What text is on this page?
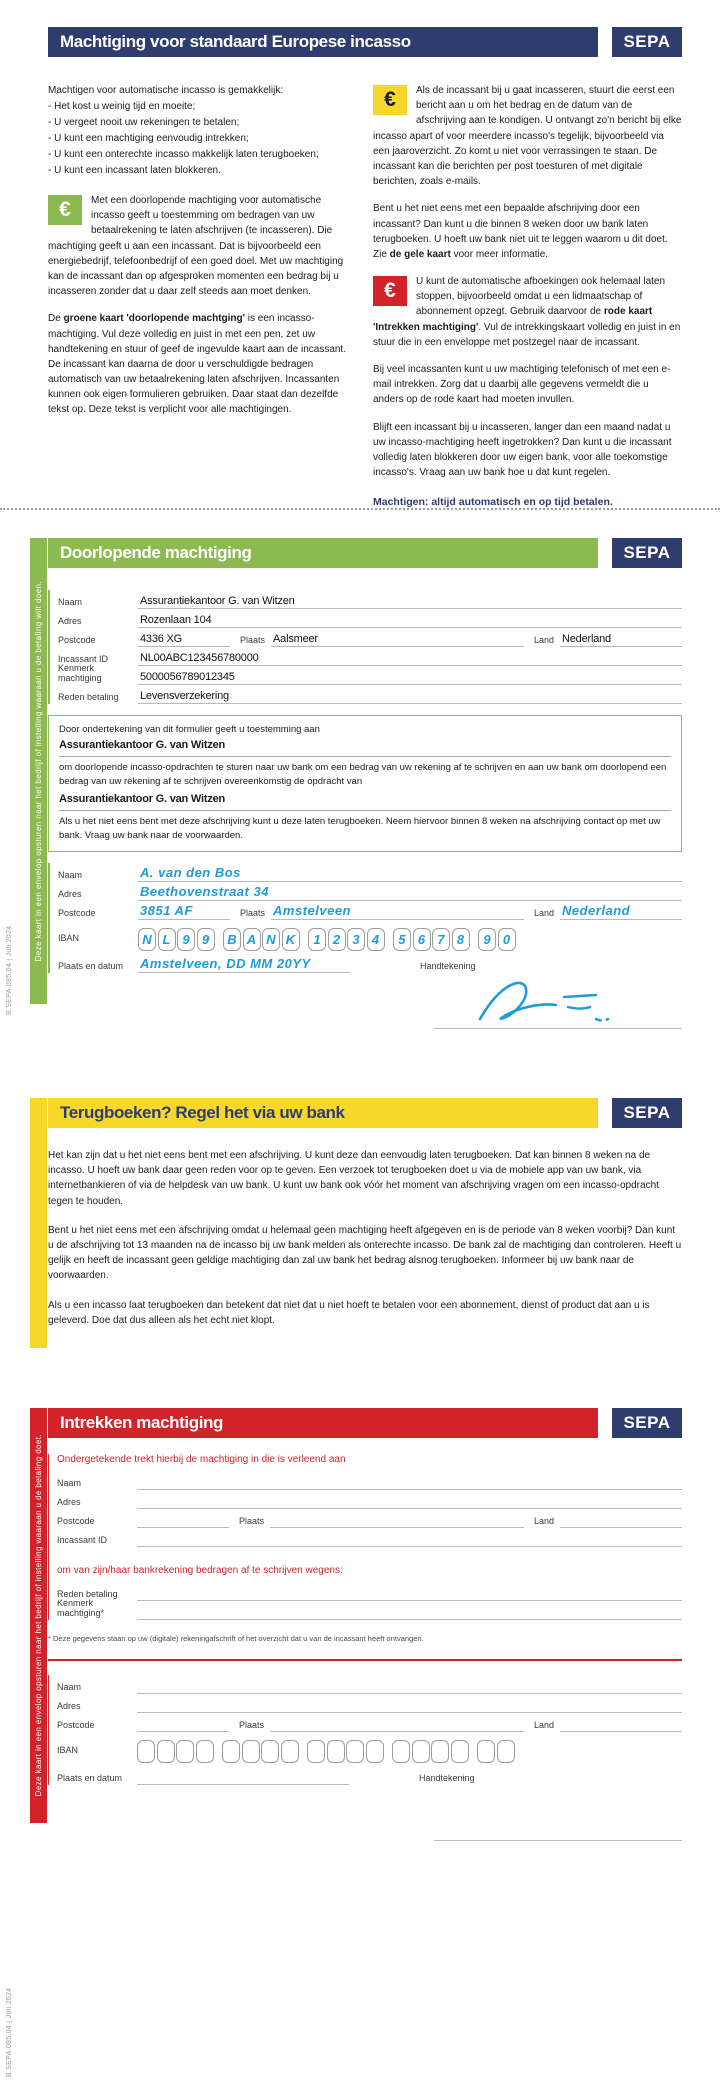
Machtiging voor standaard Europese incasso	SEPA
Machtigen voor automatische incasso is gemakkelijk:
- Het kost u weinig tijd en moeite;
- U vergeet nooit uw rekeningen te betalen;
- U kunt een machtiging eenvoudig intrekken;
- U kunt een onterechte incasso makkelijk laten terugboeken;
- U kunt een incassant laten blokkeren.

€	Met een doorlopende machtiging voor automatische incasso geeft u toestemming om bedragen van uw betaalrekening te laten afschrijven (te incasseren). Die machtiging geeft u aan een incassant. Dat is bijvoorbeeld een energiebedrijf, telefoonbedrijf of een goed doel. Met uw machtiging kan de incassant dan op afgesproken momenten een bedrag bij u incasseren zonder dat u daar zelf steeds aan moet denken.

De groene kaart 'doorlopende machtging' is een incasso-machtiging. Vul deze volledig en juist in met een pen, zet uw handtekening en stuur of geef de ingevulde kaart aan de incassant. De incassant kan daarna de door u verschuldigde bedragen automatisch van uw betaalrekening laten afschrijven. Incassanten kunnen ook eigen formulieren gebruiken. Daar staat dan dezelfde tekst op. Deze tekst is verplicht voor alle machtigingen.

€	Als de incassant bij u gaat incasseren, stuurt die eerst een bericht aan u om het bedrag en de datum van de afschrijving aan te kondigen. U ontvangt zo'n bericht bij elke incasso apart of voor meerdere incasso's tegelijk, bijvoorbeeld via een jaaroverzicht. Zo komt u niet voor verrassingen te staan. De incassant kan die berichten per post toesturen of met digitale berichten, zoals e-mails.

Bent u het niet eens met een bepaalde afschrijving door een incassant? Dan kunt u die binnen 8 weken door uw bank laten terugboeken. U hoeft uw bank niet uit te leggen waarom u dit doet. Zie de gele kaart voor meer informatie.

€	U kunt de automatische afboekingen ook helemaal laten stoppen, bijvoorbeeld omdat u een lidmaatschap of abonnement opzegt. Gebruik daarvoor de rode kaart 'Intrekken machtiging'. Vul de intrekkingskaart volledig en juist in en stuur die in een enveloppe met postzegel naar de incassant.

Bij veel incassanten kunt u uw machtiging telefonisch of met een e-mail intrekken. Zorg dat u daarbij alle gegevens vermeldt die u anders op de rode kaart had moeten invullen.

Blijft een incassant bij u incasseren, langer dan een maand nadat u uw incasso-machtiging heeft ingetrokken? Dan kunt u die incassant volledig laten blokkeren door uw eigen bank, voor alle toekomstige incasso's. Vraag aan uw bank hoe u dat kunt regelen.

Machtigen: altijd automatisch en op tijd betalen.
Deze kaart in een envelop opsturen naar het bedrijf of instelling waaraan u de betaling wilt doen.
Doorlopende machtiging	SEPA
Naam	Assurantiekantoor G. van Witzen
Adres	Rozenlaan 104
Postcode	4336 XG	Plaats Aalsmeer	Land Nederland
Incassant ID	NL00ABC123456780000
Kenmerk machtiging	5000056789012345
Reden betaling	Levensverzekering
Door ondertekening van dit formulier geeft u toestemming aan
Assurantiekantoor G. van Witzen
om doorlopende incasso-opdrachten te sturen naar uw bank om een bedrag van uw rekening af te schrijven en aan uw bank om doorlopend een bedrag van uw rekening af te schrijven overeenkomstig de opdracht van
Assurantiekantoor G. van Witzen
Als u het niet eens bent met deze afschrijving kunt u deze laten terugboeken. Neem hiervoor binnen 8 weken na afschrijving contact op met uw bank. Vraag uw bank naar de voorwaarden.
Naam	A. van den Bos
Adres	Beethovenstraat 34
Postcode	3851 AF	Plaats Amstelveen	Land Nederland
IBAN	N L 9 9	B A N K	1 2 3 4	5 6 7 8	9 0
Plaats en datum	Amstelveen, DD MM 20YY	Handtekening
B.SEPA.085.04 | Juli 2024
Terugboeken? Regel het via uw bank	SEPA

Het kan zijn dat u het niet eens bent met een afschrijving. U kunt deze dan eenvoudig laten terugboeken. Dat kan binnen 8 weken na de incasso. U hoeft uw bank daar geen reden voor op te geven. Een verzoek tot terugboeken doet u via de mobiele app van uw bank, via internetbankieren of via de helpdesk van uw bank. U kunt uw bank ook vóór het moment van afschrijving vragen om een incasso-opdracht tegen te houden.

Bent u het niet eens met een afschrijving omdat u helemaal geen machtiging heeft afgegeven en is de periode van 8 weken voorbij? Dan kunt u de afschrijving tot 13 maanden na de incasso bij uw bank melden als onterechte incasso. De bank zal de machtiging dan controleren. Heeft u gelijk en heeft de incassant geen geldige machtiging dan zal uw bank het bedrag alsnog terugboeken. Informeer bij uw bank naar de voorwaarden.

Als u een incasso laat terugboeken dan betekent dat niet dat u niet hoeft te betalen voor een abonnement, dienst of product dat aan u is geleverd. Doe dat dus alleen als het echt niet klopt.

Deze kaart in een envelop opsturen naar het bedrijf of instelling waaraan u de betaling doet.
Intrekken machtiging	SEPA
Ondergetekende trekt hierbij de machtiging in die is verleend aan
Naam
Adres
Postcode	Plaats	Land
Incassant ID
om van zijn/haar bankrekening bedragen af te schrijven wegens:
Reden betaling
Kenmerk machtiging*
* Deze gegevens staan op uw (digitale) rekeningafschrift of het overzicht dat u van de incassant heeft ontvangen.
Naam
Adres
Postcode	Plaats	Land
IBAN
Plaats en datum	Handtekening
B.SEPA.085.04 | Juli 2024
